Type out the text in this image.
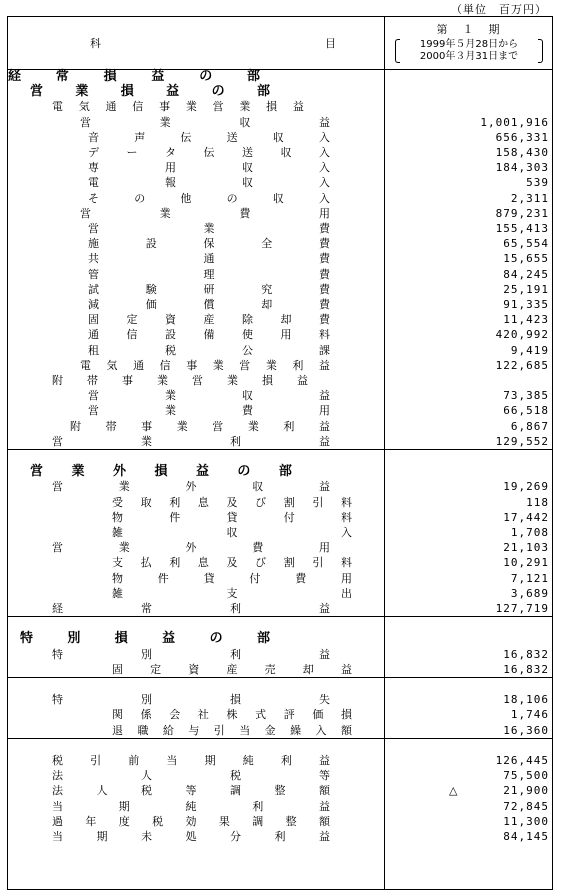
（単位　百万円）
科	目
第　１　期
1999年５月28日から
2000年３月31日まで
経	常	損	益	の	部
営 業 損 益 の 部
電 気 通 信 事 業 営 業 損 益
営	業	収	益	1,001,916
音	声	伝	送	収	入	656,331
デ	ー	タ	伝	送	収	入	158,430
専	用	収	入	184,303
電	報	収	入	539
そ	の	他	の	収	入	2,311
営	業	費	用	879,231
営	業	費	155,413
施	設	保	全	費	65,554
共	通	費	15,655
管	理	費	84,245
試	験	研	究	費	25,191
減	価	償	却	費	91,335
固	定	資	産	除	却	費	11,423
通	信	設	備	使	用	料	420,992
租	税	公	課	9,419
電 気 通 信 事 業 営 業 利 益	122,685
附 帯 事 業 営 業 損 益
営	業	収	益	73,385
営	業	費	用	66,518
附 帯 事 業 営 業 利 益	6,867
営	業	利	益	129,552
営 業 外 損 益 の 部
営	業	外	収	益	19,269
受 取 利 息 及 び 割 引 料	118
物	件	貸	付	料	17,442
雑	収	入	1,708
営	業	外	費	用	21,103
支 払 利 息 及 び 割 引 料	10,291
物	件	貸	付	費	用	7,121
雑	支	出	3,689
経	常	利	益	127,719
特	別	損	益	の	部
特	別	利	益	16,832
固 定 資 産 売 却 益	16,832
特	別	損	失	18,106
関 係 会 社 株 式 評 価 損	1,746
退 職 給 与 引 当 金 繰 入 額	16,360
税 引 前 当 期 純 利 益	126,445
法	人	税	等	75,500
法	人	税	等	調	整	額	△	21,900
当	期	純	利	益	72,845
過 年 度 税 効 果 調 整 額	11,300
当	期	未	処	分	利	益	84,145
